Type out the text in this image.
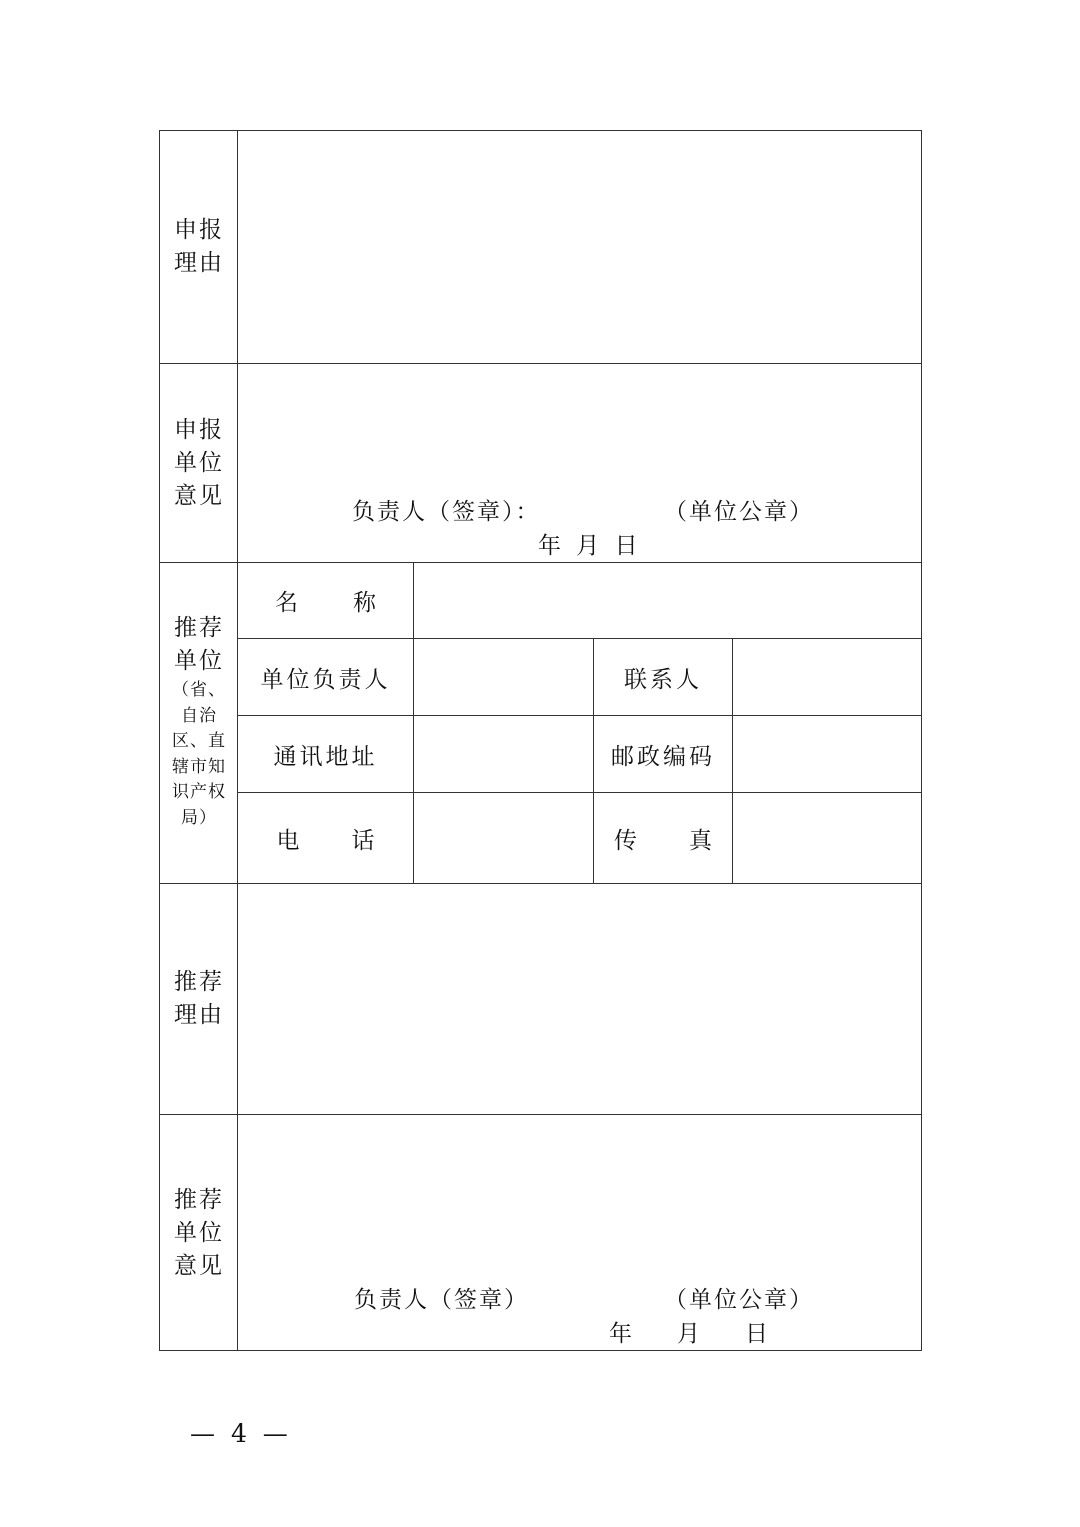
申报
理由
申报
单位
意见
负责人（签章）：	（单位公章）
年 月 日
推荐
单位
（省、
自治
区、直
辖市知
识产权
局）
名 称
单位负责人	联系人
通讯地址	邮政编码
电 话	传 真
推荐
理由
推荐
单位
意见
负责人（签章）	（单位公章）
年 月 日
— 4 —
